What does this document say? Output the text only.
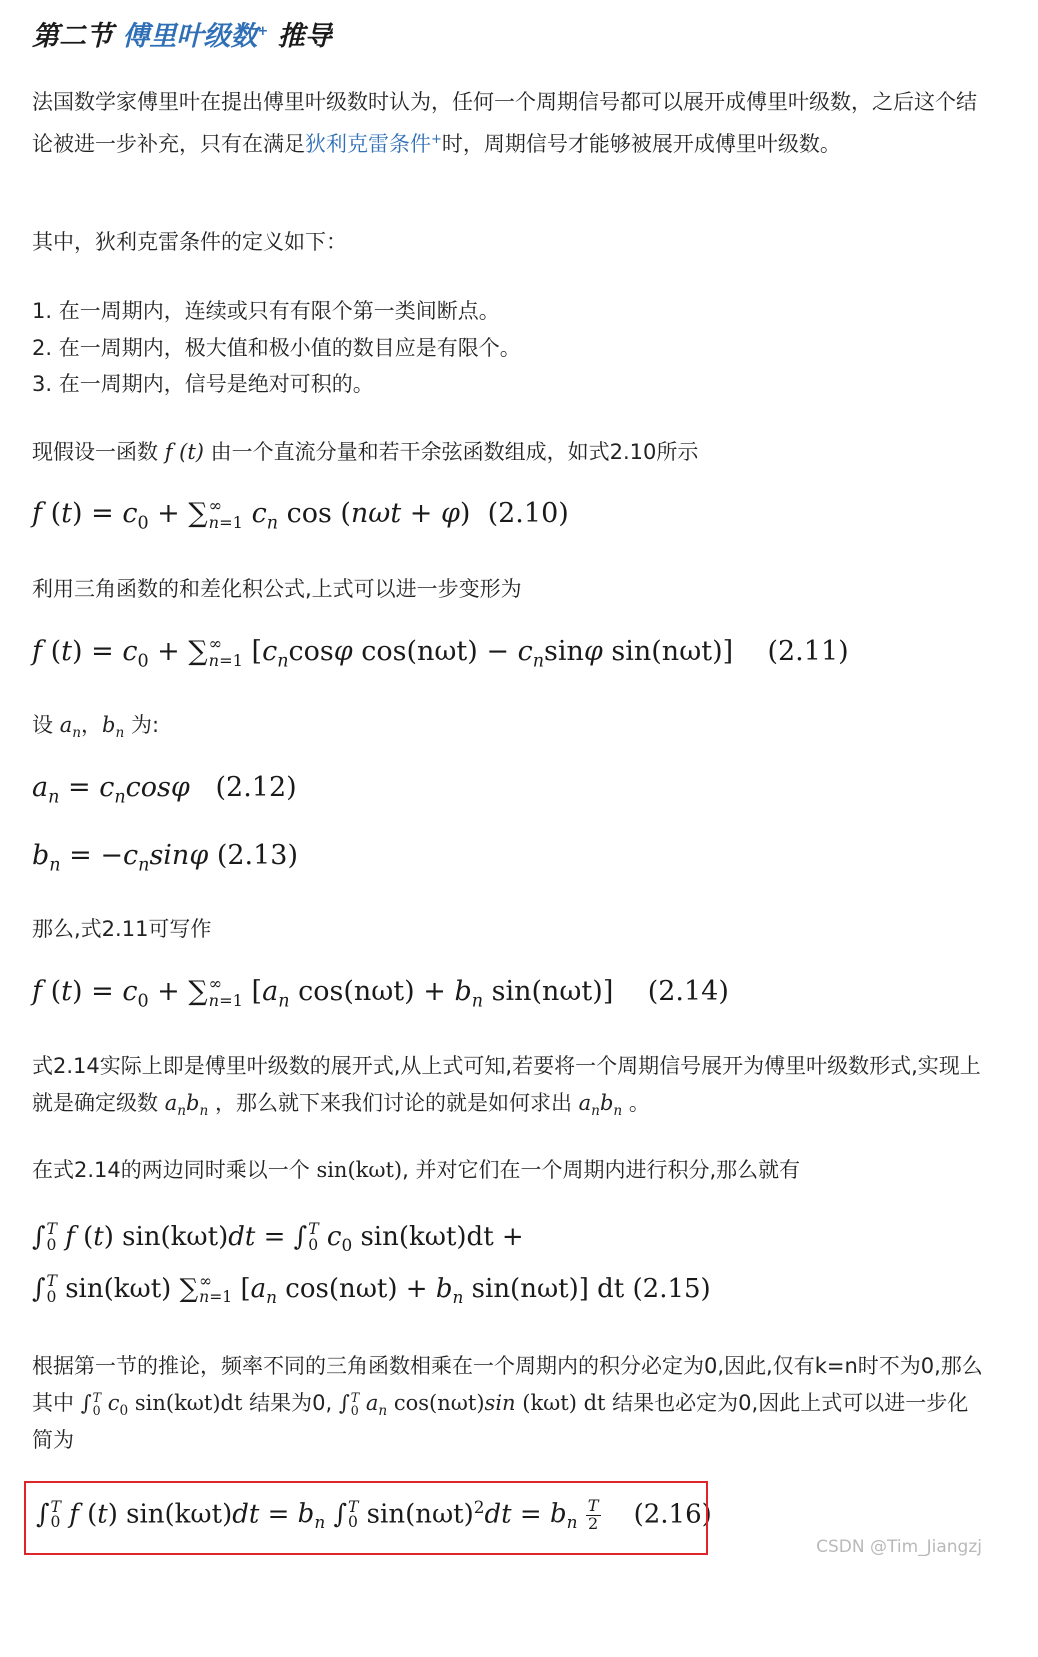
第二节 傅里叶级数+ 推导

法国数学家傅里叶在提出傅里叶级数时认为，任何一个周期信号都可以展开成傅里叶级数，之后这个结论被进一步补充，只有在满足狄利克雷条件+时，周期信号才能够被展开成傅里叶级数。

其中，狄利克雷条件的定义如下：

1. 在一周期内，连续或只有有限个第一类间断点。

2. 在一周期内，极大值和极小值的数目应是有限个。

3. 在一周期内，信号是绝对可积的。

现假设一函数 f (t) 由一个直流分量和若干余弦函数组成，如式2.10所示

f $(t) = c_0$ + ∑ ∞
n=1 $c_n$ cos (nωt + φ)  (2.10)

利用三角函数的和差化积公式,上式可以进一步变形为

f $(t) = c_0$ + ∑ ∞
n=1 [$c_n\cos\varphi$ $\cos(n\omega t) - c_n\sin\varphi$ sin(nωt)]    (2.11)

设 $a_n$，$b_n$ 为:

$a_n = c_n\cos\varphi$ (2.12)
$b_n = -c_n\sin\varphi$ (2.13)

那么,式2.11可写作

f $(t) = c_0$ + ∑ ∞
n=1 [$a_n$ $\cos(n\omega t) + b_n$ sin(nωt)]    (2.14)

式2.14实际上即是傅里叶级数的展开式,从上式可知,若要将一个周期信号展开为傅里叶级数形式,实现上就是确定级数 $a_nb_n$ ，那么就下来我们讨论的就是如何求出 $a_nb_n$ 。

在式2.14的两边同时乘以一个 sin(kωt), 并对它们在一个周期内进行积分,那么就有

∫ T
0 f (t) sin(kωt)dt = ∫ T
0 $c_0$ sin(kωt)dt +
∫ T
0 sin(kωt) ∑ ∞
n=1 [$a_n$ $\cos(n\omega t) + b_n$ sin(nωt)] dt (2.15)

根据第一节的推论，频率不同的三角函数相乘在一个周期内的积分必定为0,因此,仅有k=n时不为0,那么其中 ∫ T
0 $c_0$ sin(kωt)dt 结果为0, ∫ T
0 $a_n$ cos(nωt)sin (kωt) dt 结果也必定为0,因此上式可以进一步化简为

∫ T
0 f (t) $\sin(k\omega t)dt = b_n$ ∫ T
0 $\sin(n\omega t)^2dt = b_n \frac{T}{2} (2.16)$
CSDN @Tim_Jiangzj
